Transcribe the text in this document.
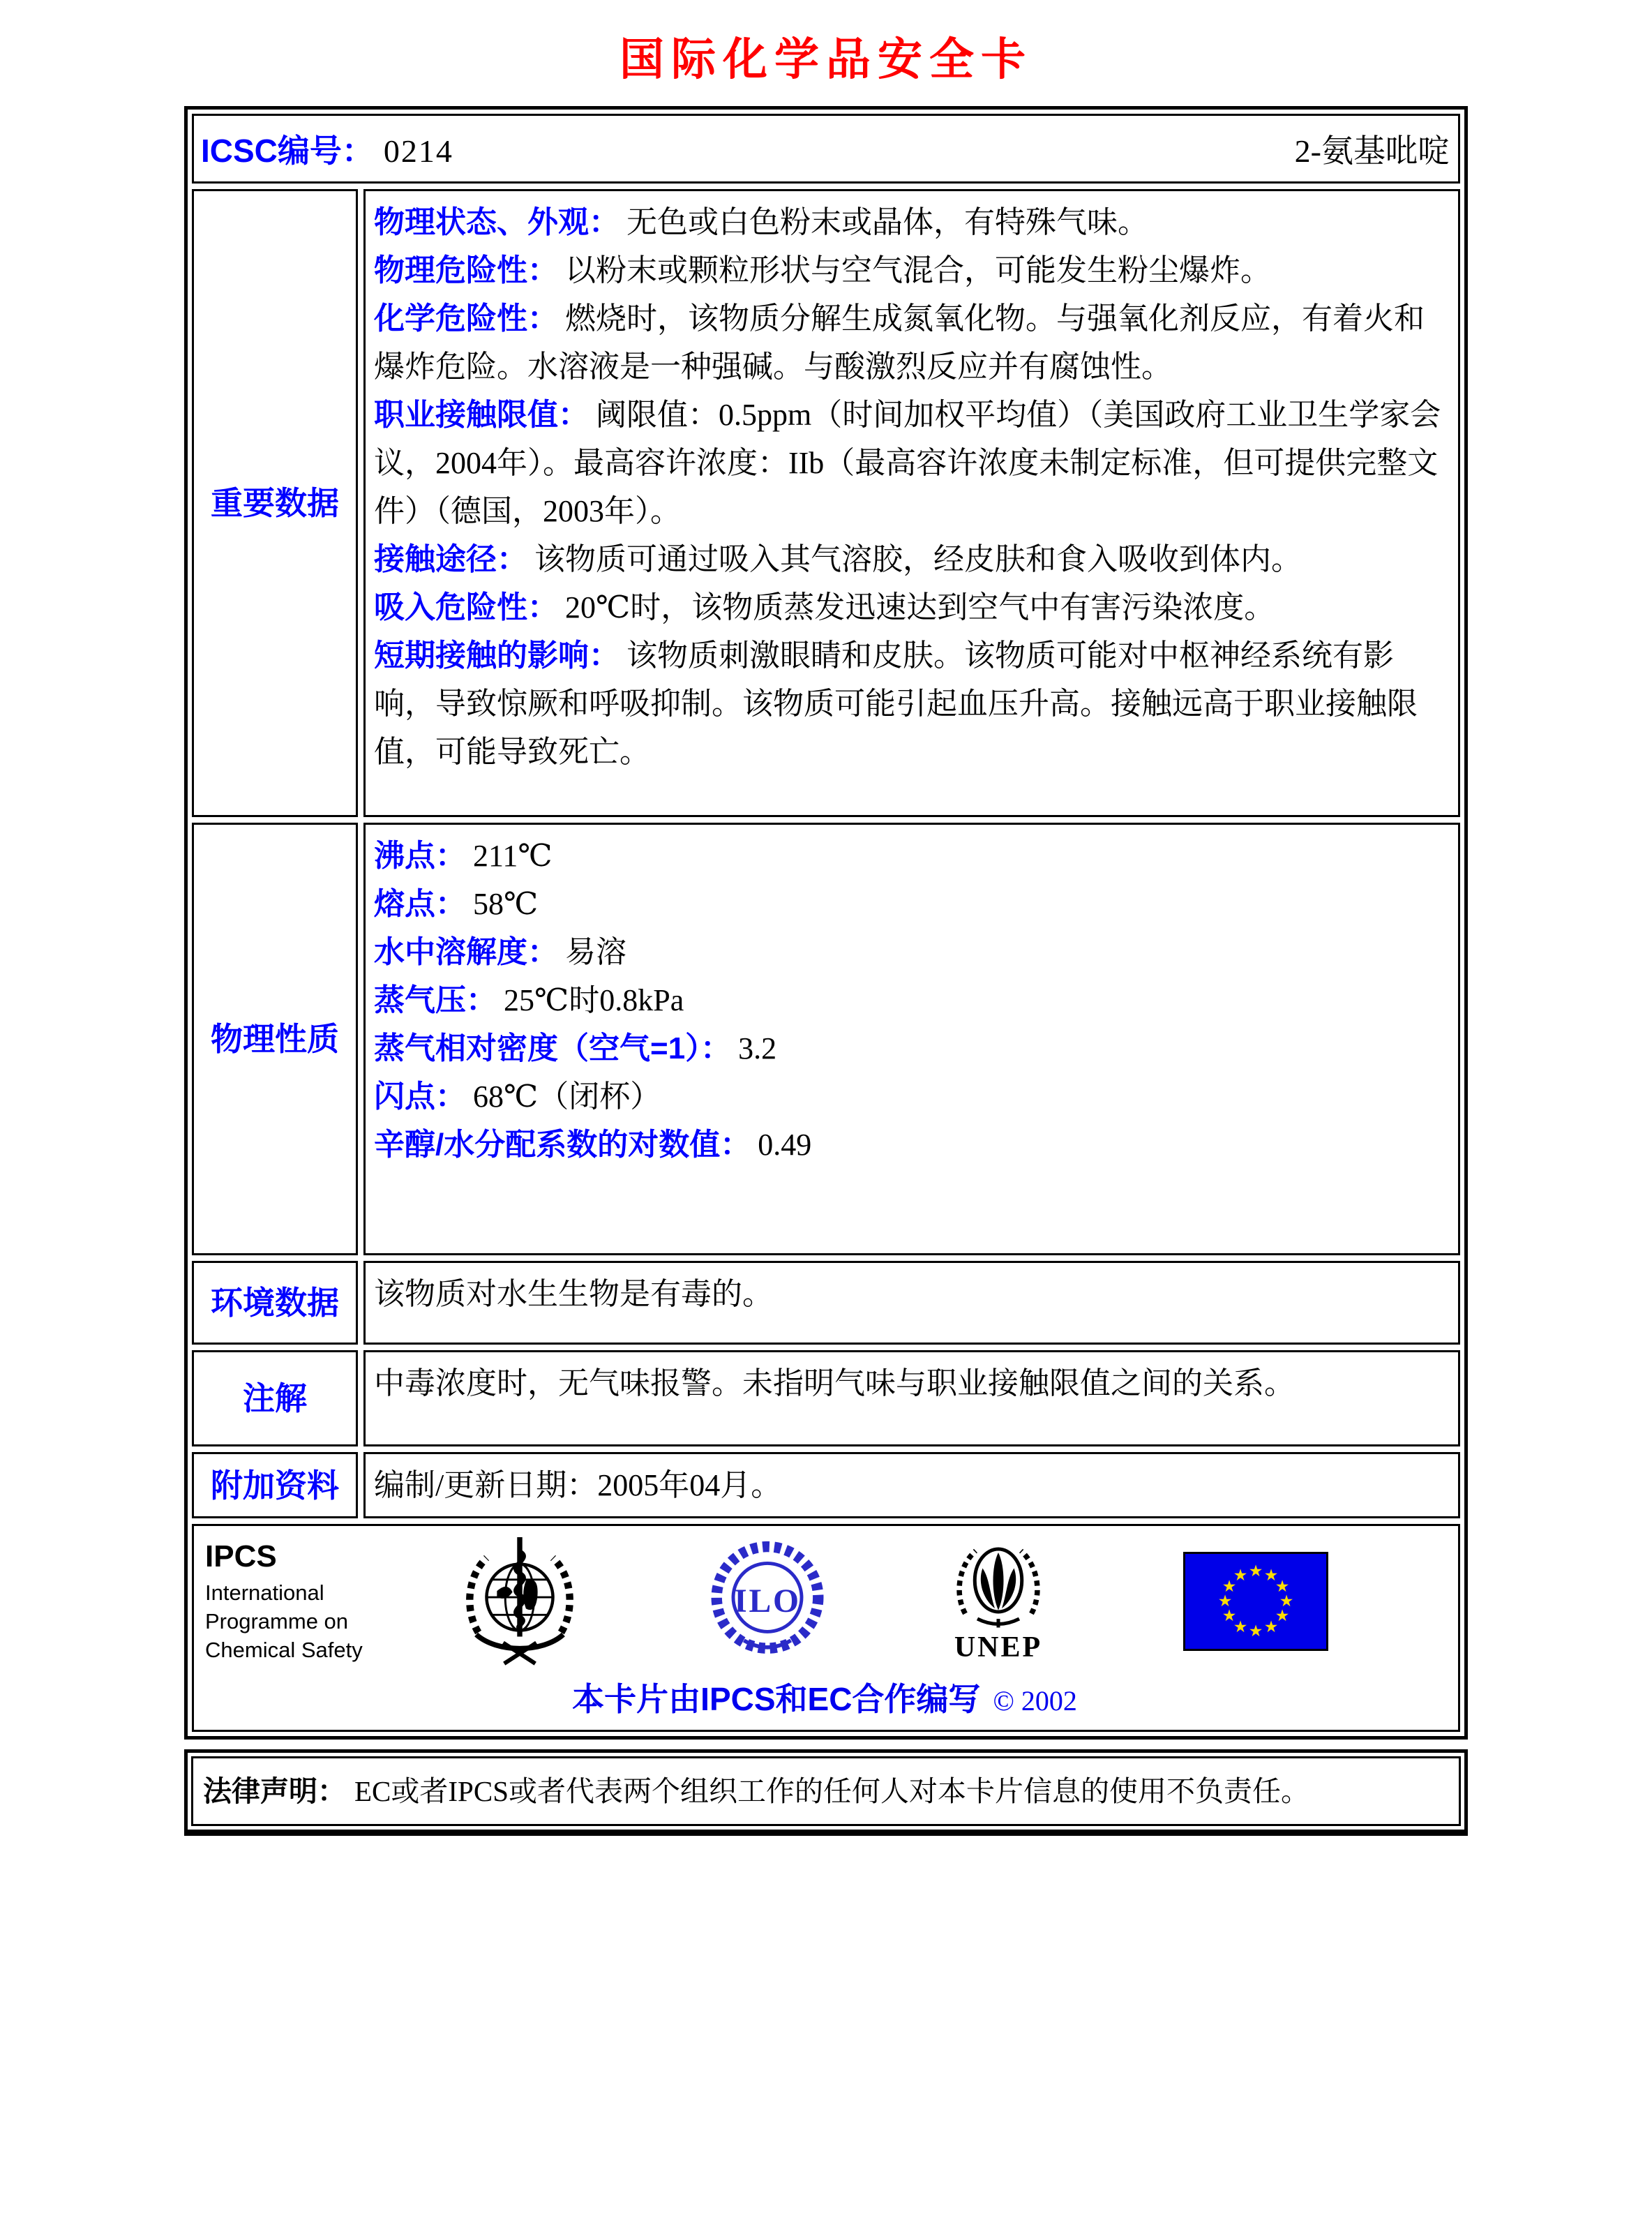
国际化学品安全卡
ICSC编号： 0214	2-氨基吡啶
重要数据

物理状态、外观： 无色或白色粉末或晶体，有特殊气味。

物理危险性： 以粉末或颗粒形状与空气混合，可能发生粉尘爆炸。

化学危险性： 燃烧时，该物质分解生成氮氧化物。与强氧化剂反应，有着火和爆炸危险。水溶液是一种强碱。与酸激烈反应并有腐蚀性。

职业接触限值： 阈限值：0.5ppm（时间加权平均值）（美国政府工业卫生学家会议，2004年）。最高容许浓度：IIb（最高容许浓度未制定标准，但可提供完整文件）（德国，2003年）。

接触途径： 该物质可通过吸入其气溶胶，经皮肤和食入吸收到体内。

吸入危险性： 20℃时，该物质蒸发迅速达到空气中有害污染浓度。

短期接触的影响： 该物质刺激眼睛和皮肤。该物质可能对中枢神经系统有影响，导致惊厥和呼吸抑制。该物质可能引起血压升高。接触远高于职业接触限值，可能导致死亡。

物理性质

沸点： 211℃

熔点： 58℃

水中溶解度： 易溶

蒸气压： 25℃时0.8kPa

蒸气相对密度（空气=1）： 3.2

闪点： 68℃（闭杯）

辛醇/水分配系数的对数值： 0.49

环境数据 该物质对水生生物是有毒的。

注解 中毒浓度时，无气味报警。未指明气味与职业接触限值之间的关系。

附加资料 编制/更新日期：2005年04月。

IPCS
International
Programme on
Chemical Safety
ILO
UNEP
★ ★
★
★
★
★
★
★
★
★
★
★
本卡片由IPCS和EC合作编写 © 2002
法律声明： EC或者IPCS或者代表两个组织工作的任何人对本卡片信息的使用不负责任。
